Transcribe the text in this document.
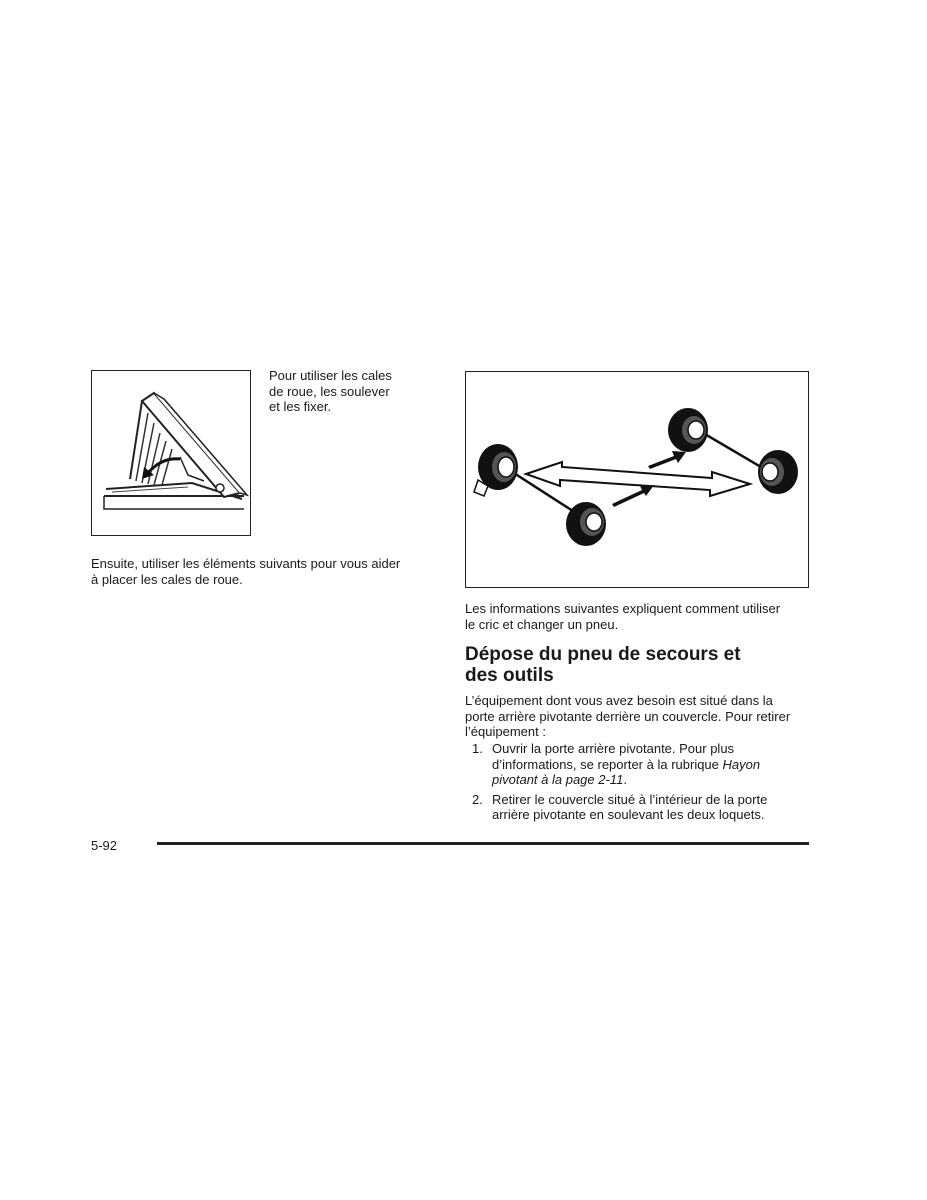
Pour utiliser les cales
de roue, les soulever
et les fixer.
Ensuite, utiliser les éléments suivants pour vous aider
à placer les cales de roue.
Les informations suivantes expliquent comment utiliser
le cric et changer un pneu.
Dépose du pneu de secours et
des outils
L’équipement dont vous avez besoin est situé dans la
porte arrière pivotante derrière un couvercle. Pour retirer
l’équipement :
1. Ouvrir la porte arrière pivotante. Pour plus
d’informations, se reporter à la rubrique Hayon
pivotant à la page 2-11.
2. Retirer le couvercle situé à l’intérieur de la porte
arrière pivotante en soulevant les deux loquets.
5-92
